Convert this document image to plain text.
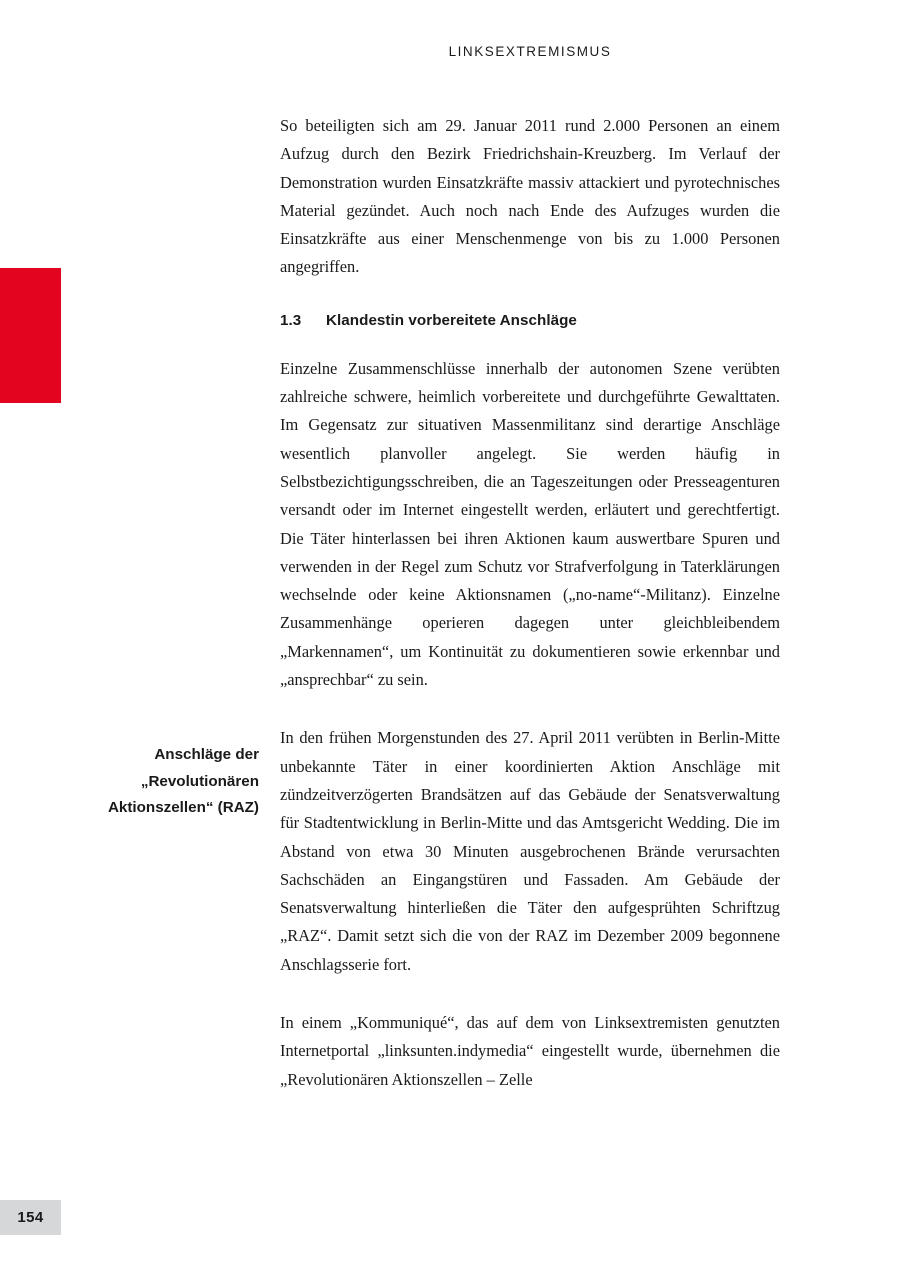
LINKSEXTREMISMUS
154
Anschläge der
„Revolutionären
Aktionszellen“ (RAZ)

So beteiligten sich am 29. Januar 2011 rund 2.000 Personen an einem Aufzug durch den Bezirk Friedrichshain-Kreuzberg. Im Verlauf der Demonstration wurden Einsatzkräfte massiv attackiert und pyrotechnisches Material gezündet. Auch noch nach Ende des Aufzuges wurden die Einsatzkräfte aus einer Menschenmenge von bis zu 1.000 Personen angegriffen.

1.3 Klandestin vorbereitete Anschläge

Einzelne Zusammenschlüsse innerhalb der autonomen Szene verübten zahlreiche schwere, heimlich vorbereitete und durchgeführte Gewalttaten. Im Gegensatz zur situativen Massenmilitanz sind derartige Anschläge wesentlich planvoller angelegt. Sie werden häufig in Selbstbezichtigungsschreiben, die an Tageszeitungen oder Presseagenturen versandt oder im Internet eingestellt werden, erläutert und gerechtfertigt. Die Täter hinterlassen bei ihren Aktionen kaum auswertbare Spuren und verwenden in der Regel zum Schutz vor Strafverfolgung in Taterklärungen wechselnde oder keine Aktionsnamen („no-name“-Militanz). Einzelne Zusammenhänge operieren dagegen unter gleichbleibendem „Markennamen“, um Kontinuität zu dokumentieren sowie erkennbar und „ansprechbar“ zu sein.

In den frühen Morgenstunden des 27. April 2011 verübten in Berlin-Mitte unbekannte Täter in einer koordinierten Aktion Anschläge mit zündzeitverzögerten Brandsätzen auf das Gebäude der Senatsverwaltung für Stadtentwicklung in Berlin-Mitte und das Amtsgericht Wedding. Die im Abstand von etwa 30 Minuten ausgebrochenen Brände verursachten Sachschäden an Eingangstüren und Fassaden. Am Gebäude der Senatsverwaltung hinterließen die Täter den aufgesprühten Schriftzug „RAZ“. Damit setzt sich die von der RAZ im Dezember 2009 begonnene Anschlagsserie fort.

In einem „Kommuniqué“, das auf dem von Linksextremisten genutzten Internetportal „linksunten.indymedia“ eingestellt wurde, übernehmen die „Revolutionären Aktionszellen – Zelle
